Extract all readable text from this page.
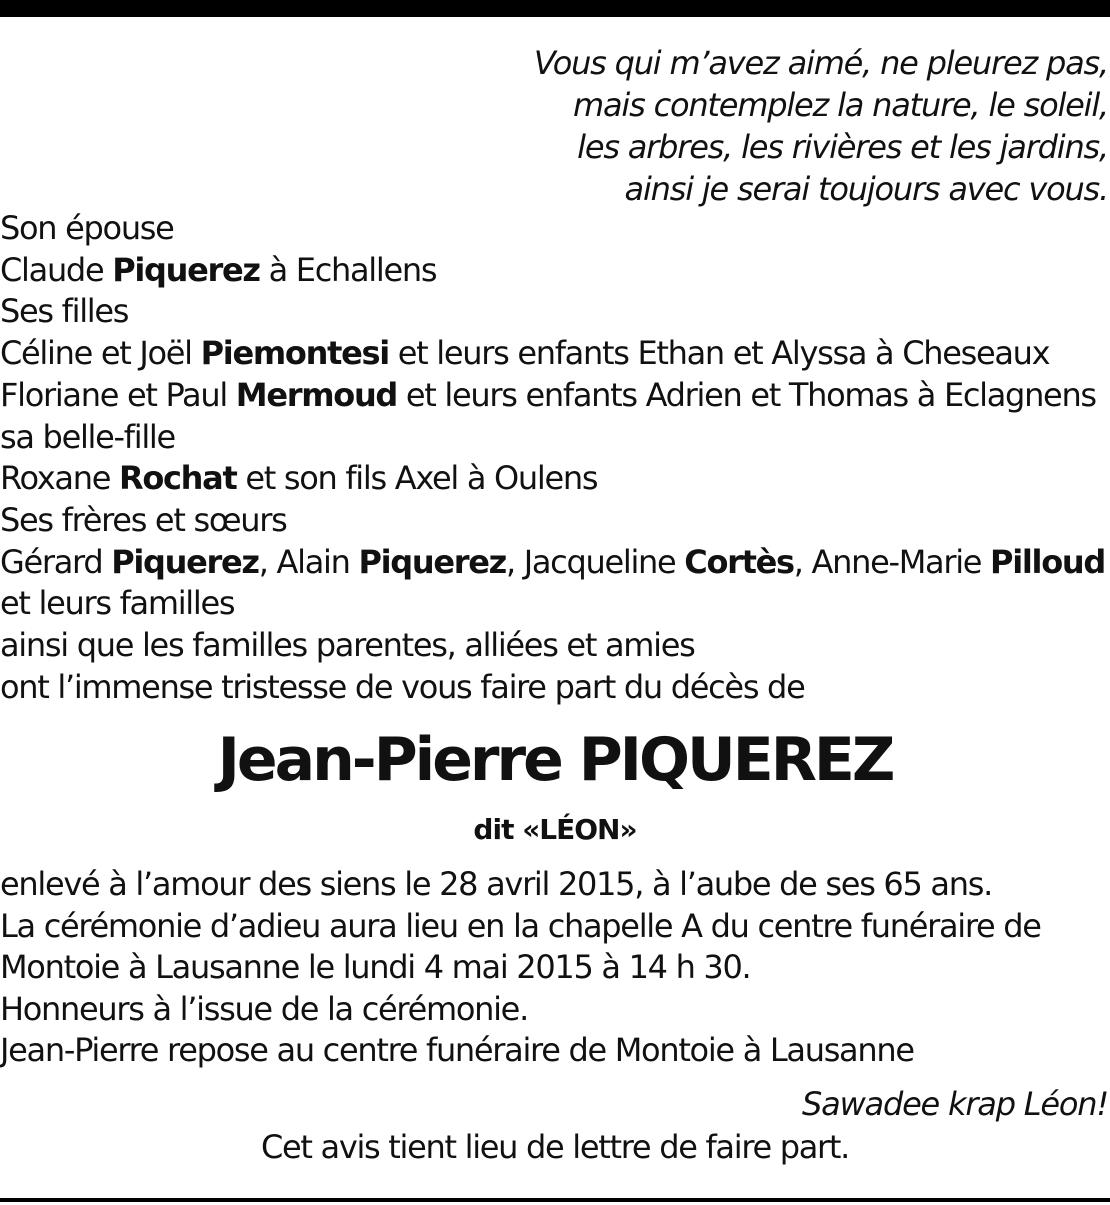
Vous qui m’avez aimé, ne pleurez pas,
mais contemplez la nature, le soleil,
les arbres, les rivières et les jardins,
ainsi je serai toujours avec vous.
Son épouse
Claude Piquerez à Echallens
Ses filles
Céline et Joël Piemontesi et leurs enfants Ethan et Alyssa à Cheseaux
Floriane et Paul Mermoud et leurs enfants Adrien et Thomas à Eclagnens
sa belle-fille
Roxane Rochat et son fils Axel à Oulens
Ses frères et sœurs
Gérard Piquerez, Alain Piquerez, Jacqueline Cortès, Anne-Marie Pilloud
et leurs familles
ainsi que les familles parentes, alliées et amies
ont l’immense tristesse de vous faire part du décès de
Jean-Pierre PIQUEREZ
dit «LÉON»
enlevé à l’amour des siens le 28 avril 2015, à l’aube de ses 65 ans.
La cérémonie d’adieu aura lieu en la chapelle A du centre funéraire de
Montoie à Lausanne le lundi 4 mai 2015 à 14 h 30.
Honneurs à l’issue de la cérémonie.
Jean-Pierre repose au centre funéraire de Montoie à Lausanne
Sawadee krap Léon!
Cet avis tient lieu de lettre de faire part.
